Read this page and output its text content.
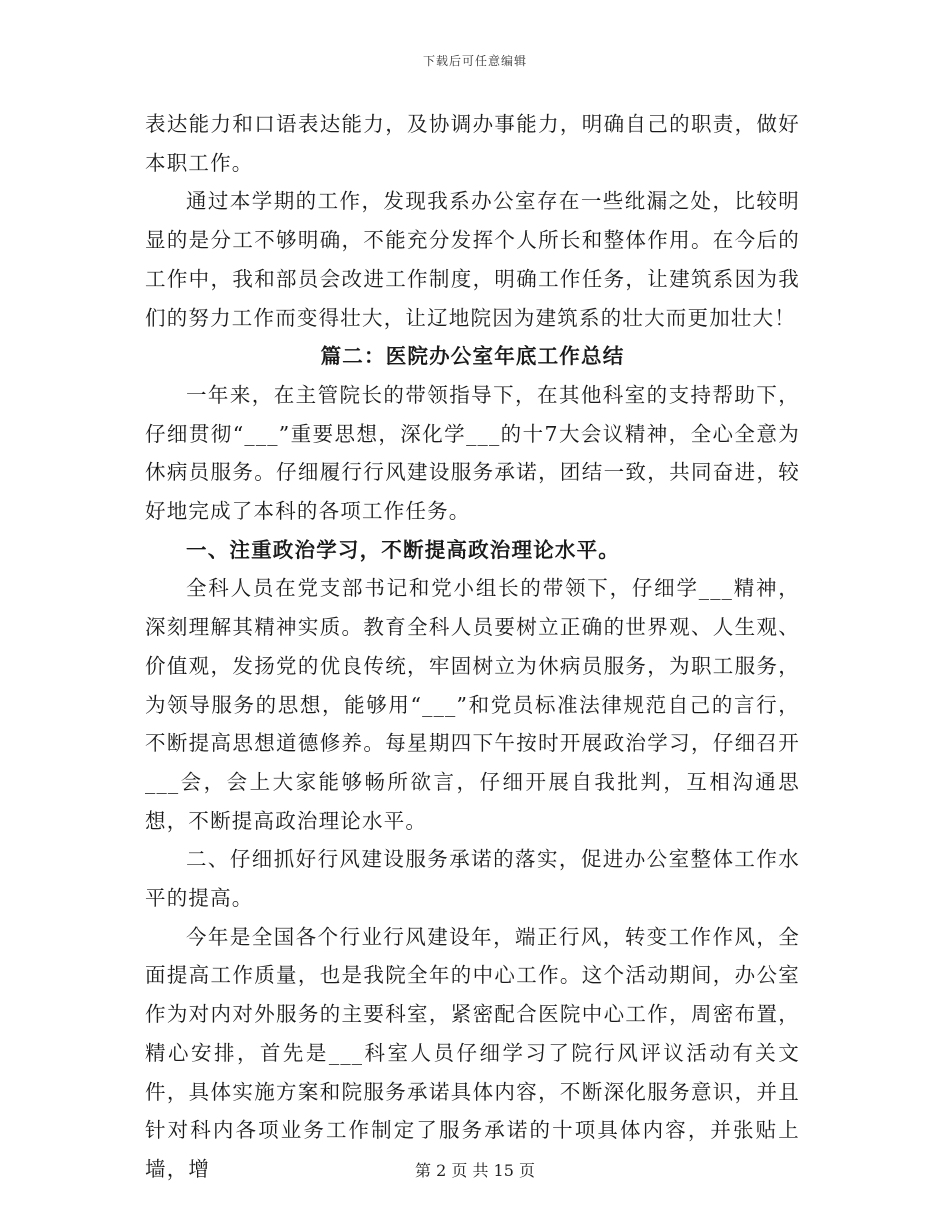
下载后可任意编辑

表达能力和口语表达能力，及协调办事能力，明确自己的职责，做好本职工作。

通过本学期的工作，发现我系办公室存在一些纰漏之处，比较明显的是分工不够明确，不能充分发挥个人所长和整体作用。在今后的工作中，我和部员会改进工作制度，明确工作任务，让建筑系因为我们的努力工作而变得壮大，让辽地院因为建筑系的壮大而更加壮大！

篇二：医院办公室年底工作总结

一年来，在主管院长的带领指导下，在其他科室的支持帮助下，仔细贯彻“___”重要思想，深化学___的十7大会议精神，全心全意为休病员服务。仔细履行行风建设服务承诺，团结一致，共同奋进，较好地完成了本科的各项工作任务。

一、注重政治学习，不断提高政治理论水平。

全科人员在党支部书记和党小组长的带领下，仔细学___精神，深刻理解其精神实质。教育全科人员要树立正确的世界观、人生观、价值观，发扬党的优良传统，牢固树立为休病员服务，为职工服务，为领导服务的思想，能够用“___”和党员标准法律规范自己的言行，不断提高思想道德修养。每星期四下午按时开展政治学习，仔细召开___会，会上大家能够畅所欲言，仔细开展自我批判，互相沟通思想，不断提高政治理论水平。

二、仔细抓好行风建设服务承诺的落实，促进办公室整体工作水平的提高。

今年是全国各个行业行风建设年，端正行风，转变工作作风，全面提高工作质量，也是我院全年的中心工作。这个活动期间，办公室作为对内对外服务的主要科室，紧密配合医院中心工作，周密布置，精心安排，首先是___科室人员仔细学习了院行风评议活动有关文件，具体实施方案和院服务承诺具体内容，不断深化服务意识，并且针对科内各项业务工作制定了服务承诺的十项具体内容，并张贴上墙，增	第 2 页 共 15 页
